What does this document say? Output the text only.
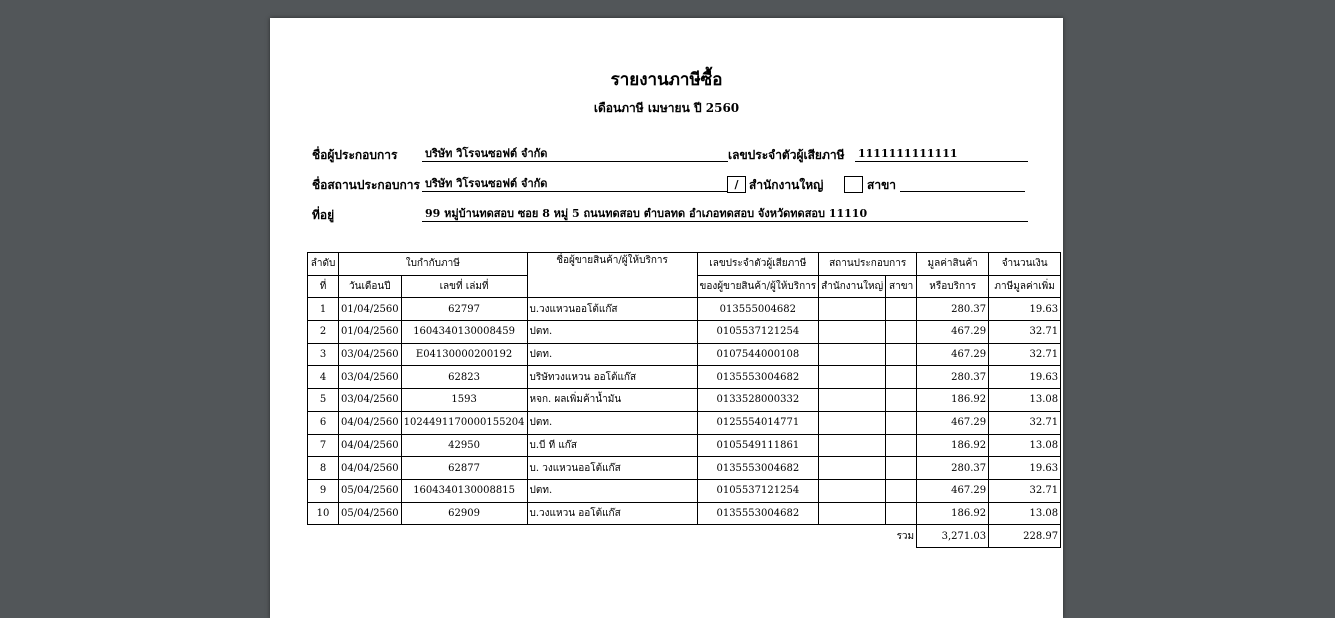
รายงานภาษีซื้อ
เดือนภาษี เมษายน ปี 2560
ชื่อผู้ประกอบการ	บริษัท วิโรจนซอฟต์ จำกัด	เลขประจำตัวผู้เสียภาษี 1111111111111
ชื่อสถานประกอบการ บริษัท วิโรจนซอฟต์ จำกัด	/ สำนักงานใหญ่	สาขา
ที่อยู่	99 หมู่บ้านทดสอบ ซอย 8 หมู่ 5 ถนนทดสอบ ตำบลทด อำเภอทดสอบ จังหวัดทดสอบ 11110
ลำดับ	ใบกำกับภาษี		ชื่อผู้ขายสินค้า/ผู้ให้บริการ	เลขประจำตัวผู้เสียภาษี	สถานประกอบการ		มูลค่าสินค้า	จำนวนเงิน
ที่	วันเดือนปี	เลขที่ เล่มที่		ของผู้ขายสินค้า/ผู้ให้บริการ	สำนักงานใหญ่	สาขา	หรือบริการ	ภาษีมูลค่าเพิ่ม
1	01/04/2560	62797	บ.วงแหวนออโต้แก๊ส	013555004682			280.37	19.63
2	01/04/2560	1604340130008459	ปตท.	0105537121254			467.29	32.71
3	03/04/2560	E04130000200192	ปตท.	0107544000108			467.29	32.71
4	03/04/2560	62823	บริษัทวงแหวน ออโต้แก๊ส	0135553004682			280.37	19.63
5	03/04/2560	1593	หจก. ผลเพิ่มค้าน้ำมัน	0133528000332			186.92	13.08
6	04/04/2560	1024491170000155204	ปตท.	0125554014771			467.29	32.71
7	04/04/2560	42950	บ.บี ที แก๊ส	0105549111861			186.92	13.08
8	04/04/2560	62877	บ. วงแหวนออโต้แก๊ส	0135553004682			280.37	19.63
9	05/04/2560	1604340130008815	ปตท.	0105537121254			467.29	32.71
10	05/04/2560	62909	บ.วงแหวน ออโต้แก๊ส	0135553004682			186.92	13.08
						รวม	3,271.03	228.97
